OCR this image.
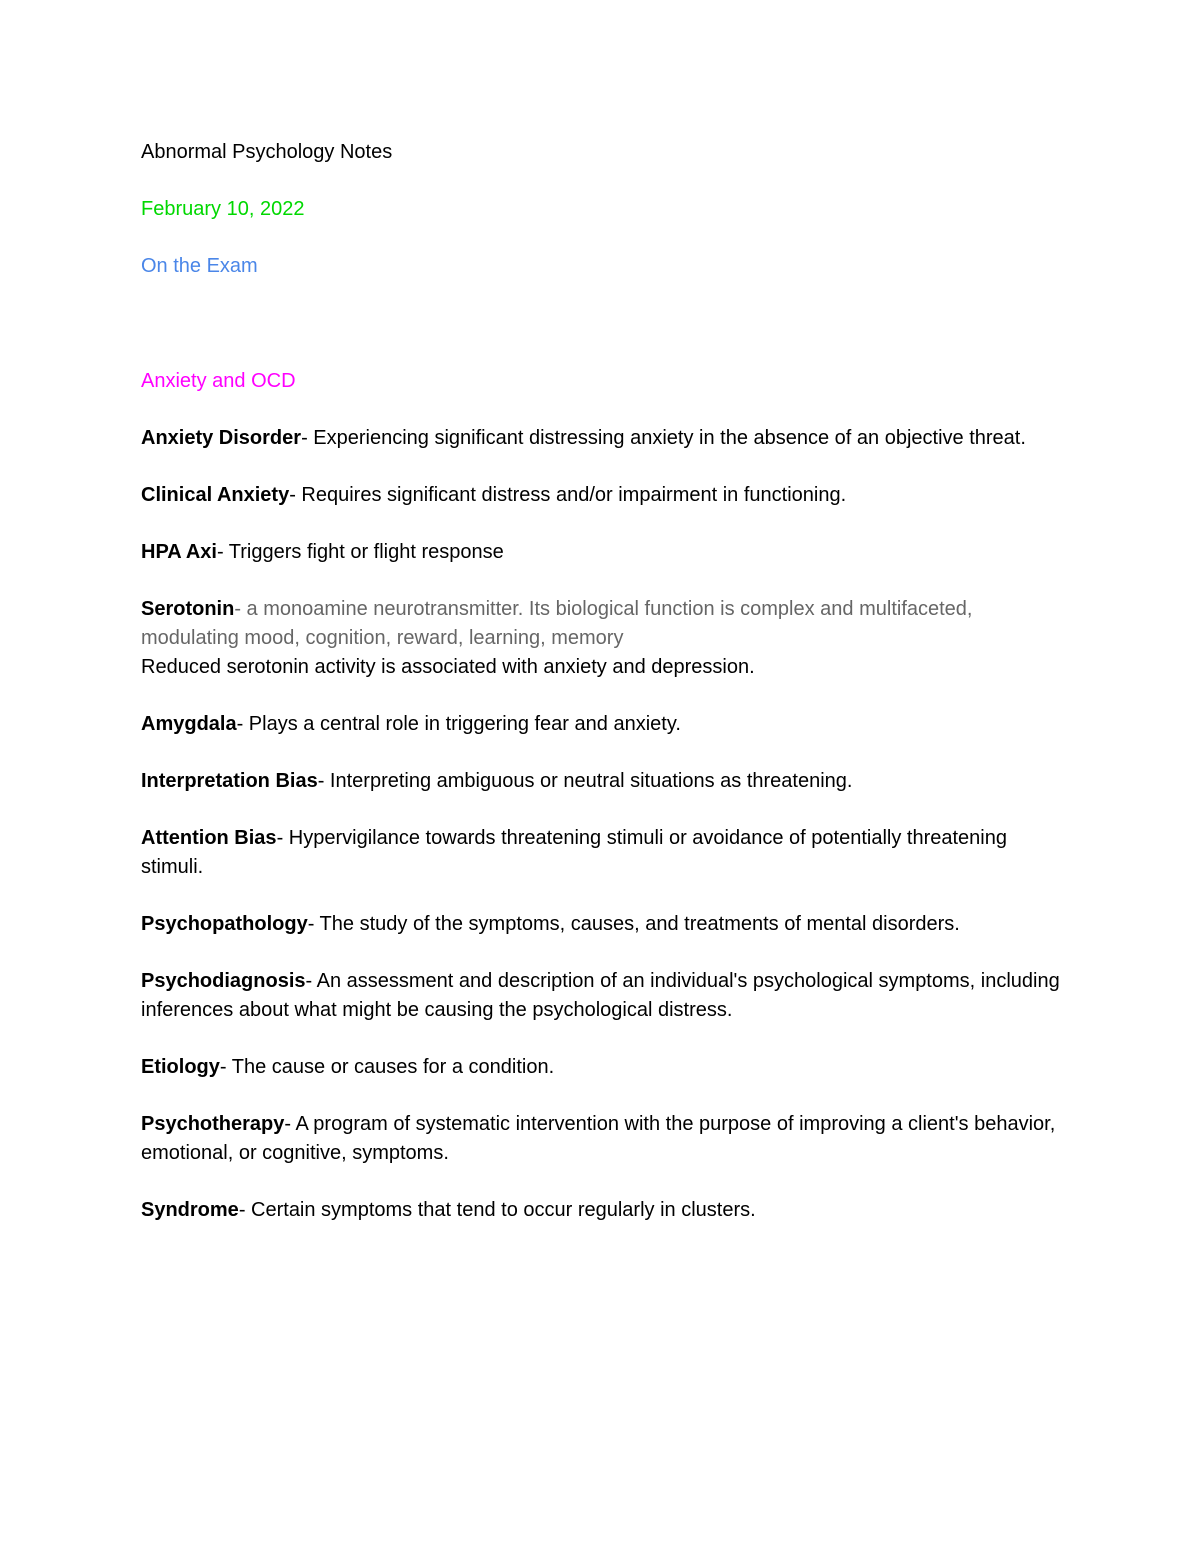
Abnormal Psychology Notes

February 10, 2022

On the Exam

Anxiety and OCD

Anxiety Disorder- Experiencing significant distressing anxiety in the absence of an objective threat.

Clinical Anxiety- Requires significant distress and/or impairment in functioning.

HPA Axi- Triggers fight or flight response

Serotonin- a monoamine neurotransmitter. Its biological function is complex and multifaceted, modulating mood, cognition, reward, learning, memory
Reduced serotonin activity is associated with anxiety and depression.

Amygdala- Plays a central role in triggering fear and anxiety.

Interpretation Bias- Interpreting ambiguous or neutral situations as threatening.

Attention Bias- Hypervigilance towards threatening stimuli or avoidance of potentially threatening stimuli.

Psychopathology- The study of the symptoms, causes, and treatments of mental disorders.

Psychodiagnosis- An assessment and description of an individual's psychological symptoms, including inferences about what might be causing the psychological distress.

Etiology- The cause or causes for a condition.

Psychotherapy- A program of systematic intervention with the purpose of improving a client's behavior, emotional, or cognitive, symptoms.

Syndrome- Certain symptoms that tend to occur regularly in clusters.
